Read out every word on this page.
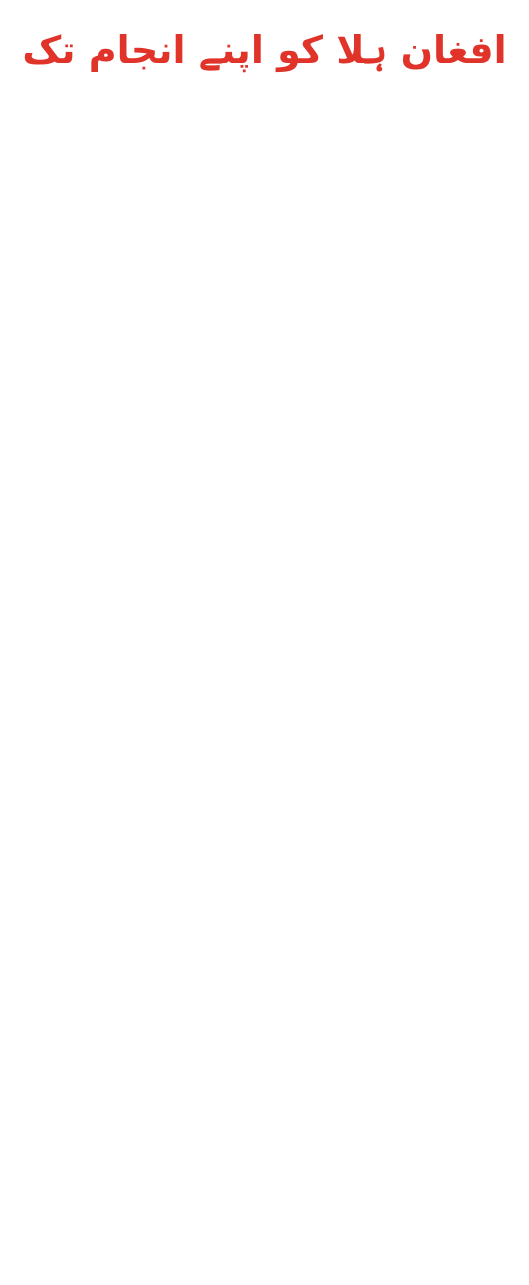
افغان ہلا کو اپنے انجام تک
